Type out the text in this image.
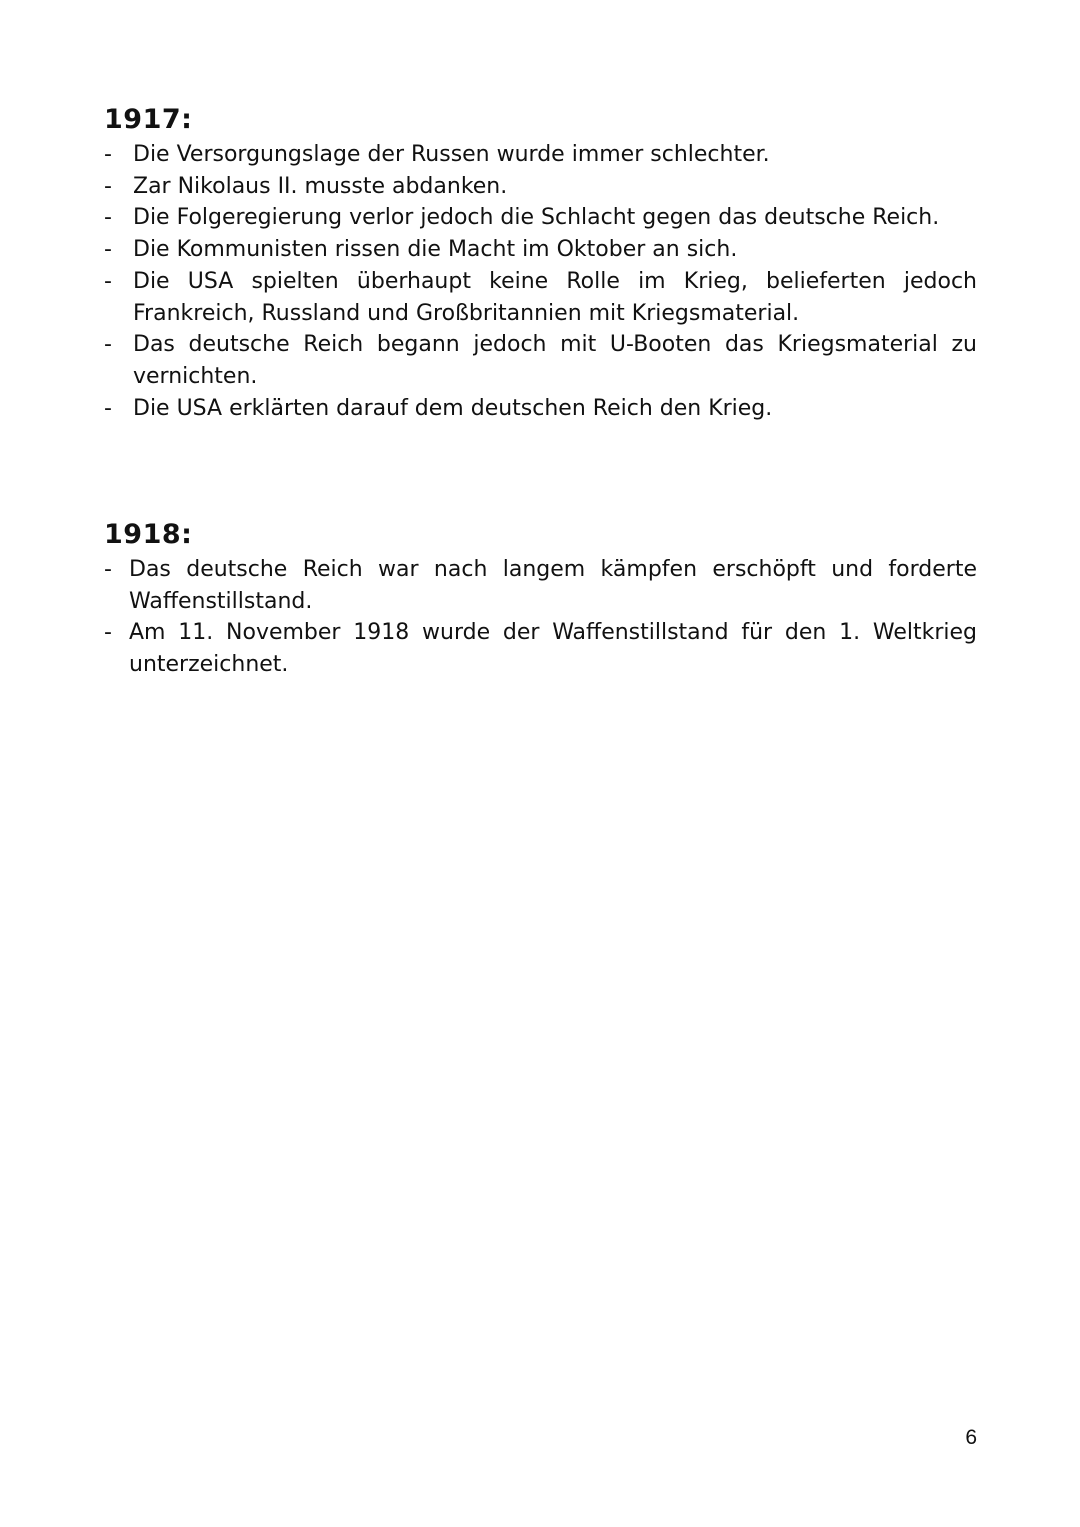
1917:
- Die Versorgungslage der Russen wurde immer schlechter.
- Zar Nikolaus II. musste abdanken.
- Die Folgeregierung verlor jedoch die Schlacht gegen das deutsche Reich.
- Die Kommunisten rissen die Macht im Oktober an sich.
- Die USA spielten überhaupt keine Rolle im Krieg, belieferten jedoch Frankreich, Russland und Großbritannien mit Kriegsmaterial.
- Das deutsche Reich begann jedoch mit U-Booten das Kriegsmaterial zu vernichten.
- Die USA erklärten darauf dem deutschen Reich den Krieg.
1918:
- Das deutsche Reich war nach langem kämpfen erschöpft und forderte Waffenstillstand.
- Am 11. November 1918 wurde der Waffenstillstand für den 1. Weltkrieg unterzeichnet.
6
